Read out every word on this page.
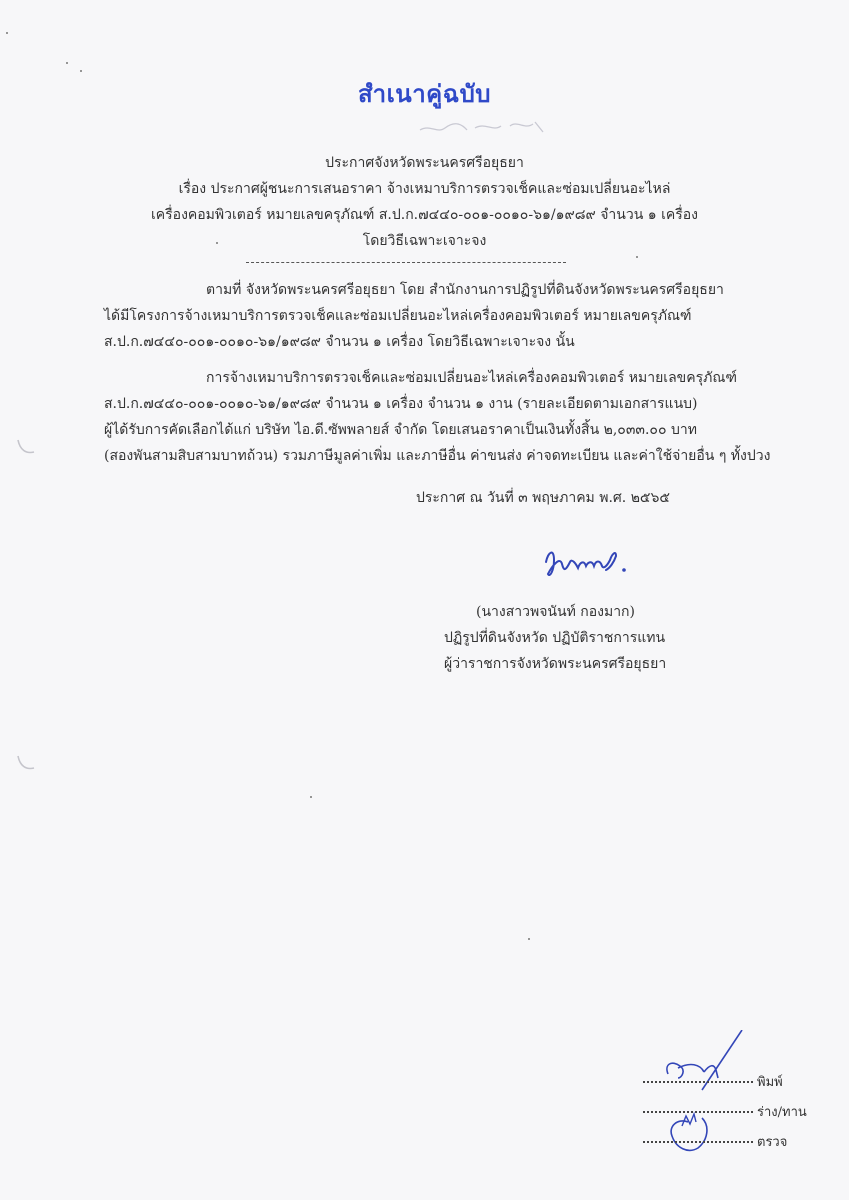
สำเนาคู่ฉบับ
ประกาศจังหวัดพระนครศรีอยุธยา
เรื่อง ประกาศผู้ชนะการเสนอราคา จ้างเหมาบริการตรวจเช็คและซ่อมเปลี่ยนอะไหล่
เครื่องคอมพิวเตอร์ หมายเลขครุภัณฑ์ ส.ป.ก.๗๔๔๐-๐๐๑-๐๐๑๐-๖๑/๑๙๘๙ จำนวน ๑ เครื่อง
โดยวิธีเฉพาะเจาะจง
ตามที่ จังหวัดพระนครศรีอยุธยา โดย สำนักงานการปฏิรูปที่ดินจังหวัดพระนครศรีอยุธยา
ได้มีโครงการจ้างเหมาบริการตรวจเช็คและซ่อมเปลี่ยนอะไหล่เครื่องคอมพิวเตอร์ หมายเลขครุภัณฑ์
ส.ป.ก.๗๔๔๐-๐๐๑-๐๐๑๐-๖๑/๑๙๘๙ จำนวน ๑ เครื่อง โดยวิธีเฉพาะเจาะจง นั้น
การจ้างเหมาบริการตรวจเช็คและซ่อมเปลี่ยนอะไหล่เครื่องคอมพิวเตอร์ หมายเลขครุภัณฑ์
ส.ป.ก.๗๔๔๐-๐๐๑-๐๐๑๐-๖๑/๑๙๘๙ จำนวน ๑ เครื่อง จำนวน ๑ งาน (รายละเอียดตามเอกสารแนบ)
ผู้ได้รับการคัดเลือกได้แก่ บริษัท ไอ.ดี.ซัพพลายส์ จำกัด โดยเสนอราคาเป็นเงินทั้งสิ้น ๒,๐๓๓.๐๐ บาท
(สองพันสามสิบสามบาทถ้วน) รวมภาษีมูลค่าเพิ่ม และภาษีอื่น ค่าขนส่ง ค่าจดทะเบียน และค่าใช้จ่ายอื่น ๆ ทั้งปวง
ประกาศ ณ วันที่ ๓ พฤษภาคม พ.ศ. ๒๕๖๕
(นางสาวพจนันท์ กองมาก)
ปฏิรูปที่ดินจังหวัด ปฏิบัติราชการแทน
ผู้ว่าราชการจังหวัดพระนครศรีอยุธยา
พิมพ์
ร่าง/ทาน
ตรวจ
